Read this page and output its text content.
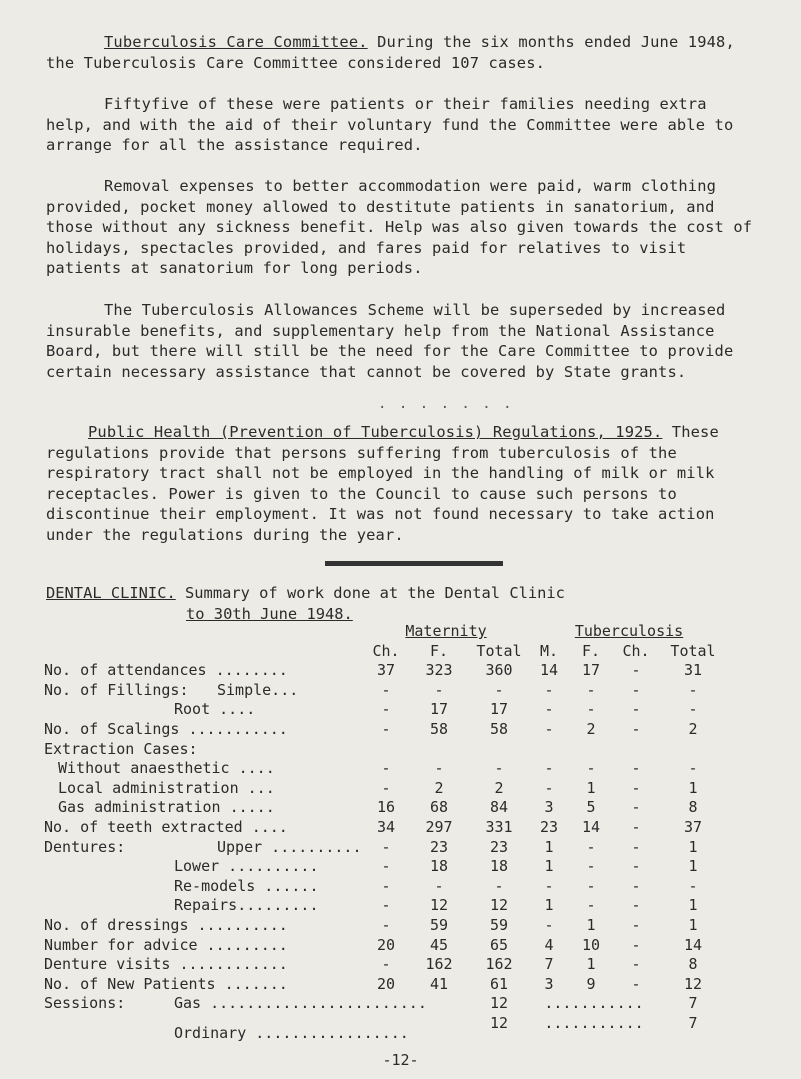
Tuberculosis Care Committee. During the six months ended June 1948, the Tuberculosis Care Committee considered 107 cases.
Fiftyfive of these were patients or their families needing extra help, and with the aid of their voluntary fund the Committee were able to arrange for all the assistance required.
Removal expenses to better accommodation were paid, warm clothing provided, pocket money allowed to destitute patients in sanatorium, and those without any sickness benefit. Help was also given towards the cost of holidays, spectacles provided, and fares paid for relatives to visit patients at sanatorium for long periods.
The Tuberculosis Allowances Scheme will be superseded by increased insurable benefits, and supplementary help from the National Assistance Board, but there will still be the need for the Care Committee to provide certain necessary assistance that cannot be covered by State grants.
. . . . . . .
Public Health (Prevention of Tuberculosis) Regulations, 1925. These regulations provide that persons suffering from tuberculosis of the respiratory tract shall not be employed in the handling of milk or milk receptacles. Power is given to the Council to cause such persons to discontinue their employment. It was not found necessary to take action under the regulations during the year.
DENTAL CLINIC. Summary of work done at the Dental Clinic
to 30th June 1948.
	Maternity			Tuberculosis			
	Ch.	F.	Total	M.	F.	Ch.	Total
No. of attendances ........	37	323	360	14	17	-	31
No. of Fillings: Simple...	-	-	-	-	-	-	-
Root ....	-	17	17	-	-	-	-
No. of Scalings ...........	-	58	58	-	2	-	2
Extraction Cases:							
Without anaesthetic ....	-	-	-	-	-	-	-
Local administration ...	-	2	2	-	1	-	1
Gas administration .....	16	68	84	3	5	-	8
No. of teeth extracted ....	34	297	331	23	14	-	37
Dentures: Upper ..........	-	23	23	1	-	-	1
Lower ..........	-	18	18	1	-	-	1
Re-models ......	-	-	-	-	-	-	-
Repairs.........	-	12	12	1	-	-	1
No. of dressings ..........	-	59	59	-	1	-	1
Number for advice .........	20	45	65	4	10	-	14
Denture visits ............	-	162	162	7	1	-	8
No. of New Patients .......	20	41	61	3	9	-	12
Sessions: Gas ........................			12	...........			7

Ordinary .................			12	...........			7
-12-
